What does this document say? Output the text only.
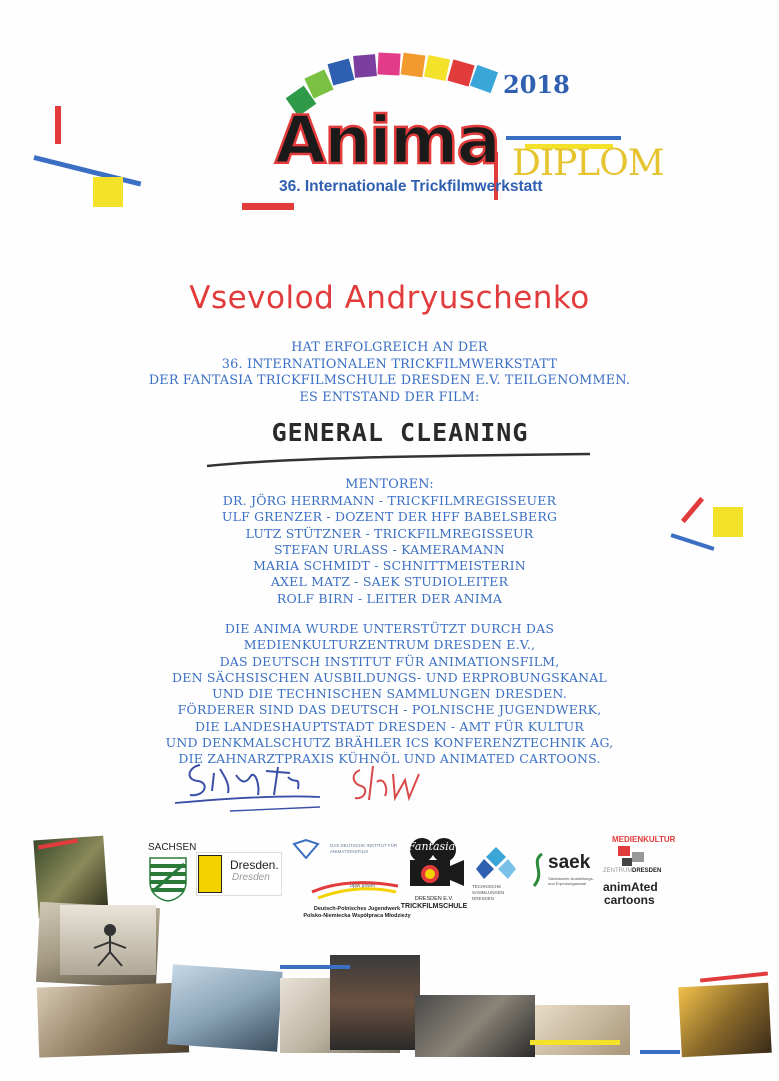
Anima
2018
36. Internationale Trickfilmwerkstatt
DIPLOM
Vsevolod Andryuschenko
HAT ERFOLGREICH AN DER
36. INTERNATIONALEN TRICKFILMWERKSTATT
DER FANTASIA TRICKFILMSCHULE DRESDEN E.V. TEILGENOMMEN.
ES ENTSTAND DER FILM:
GENERAL CLEANING
MENTOREN:
DR. JÖRG HERRMANN - TRICKFILMREGISSEUER
ULF GRENZER - DOZENT DER HFF BABELSBERG
LUTZ STÜTZNER - TRICKFILMREGISSEUR
STEFAN URLASS - KAMERAMANN
MARIA SCHMIDT - SCHNITTMEISTERIN
AXEL MATZ - SAEK STUDIOLEITER
ROLF BIRN - LEITER DER ANIMA
DIE ANIMA WURDE UNTERSTÜTZT DURCH DAS
MEDIENKULTURZENTRUM DRESDEN E.V.,
DAS DEUTSCH INSTITUT FÜR ANIMATIONSFILM,
DEN SÄCHSISCHEN AUSBILDUNGS- UND ERPROBUNGSKANAL
UND DIE TECHNISCHEN SAMMLUNGEN DRESDEN.
FÖRDERER SIND DAS DEUTSCH - POLNISCHE JUGENDWERK,
DIE LANDESHAUPTSTADT DRESDEN - AMT FÜR KULTUR
UND DENKMALSCHUTZ BRÄHLER ICS KONFERENZTECHNIK AG,
DIE ZAHNARZTPRAXIS KÜHNÖL UND ANIMATED CARTOONS.
SACHSEN
Dresden.
Dresden
DAS DEUTSCHE INSTITUT FÜR ANIMATIONSFILM
dpjw pnwm
Deutsch-Polnisches Jugendwerk
Polsko-Niemiecka Współpraca Młodzieży
Fantasia
DRESDEN E.V.
TRICKFILMSCHULE
TECHNISCHE SAMMLUNGEN DRESDEN
saek
Sächsischer Ausbildungs- und Erprobungskanal
MEDIENKULTUR
ZENTRUM DRESDEN
animAted
cartoons
